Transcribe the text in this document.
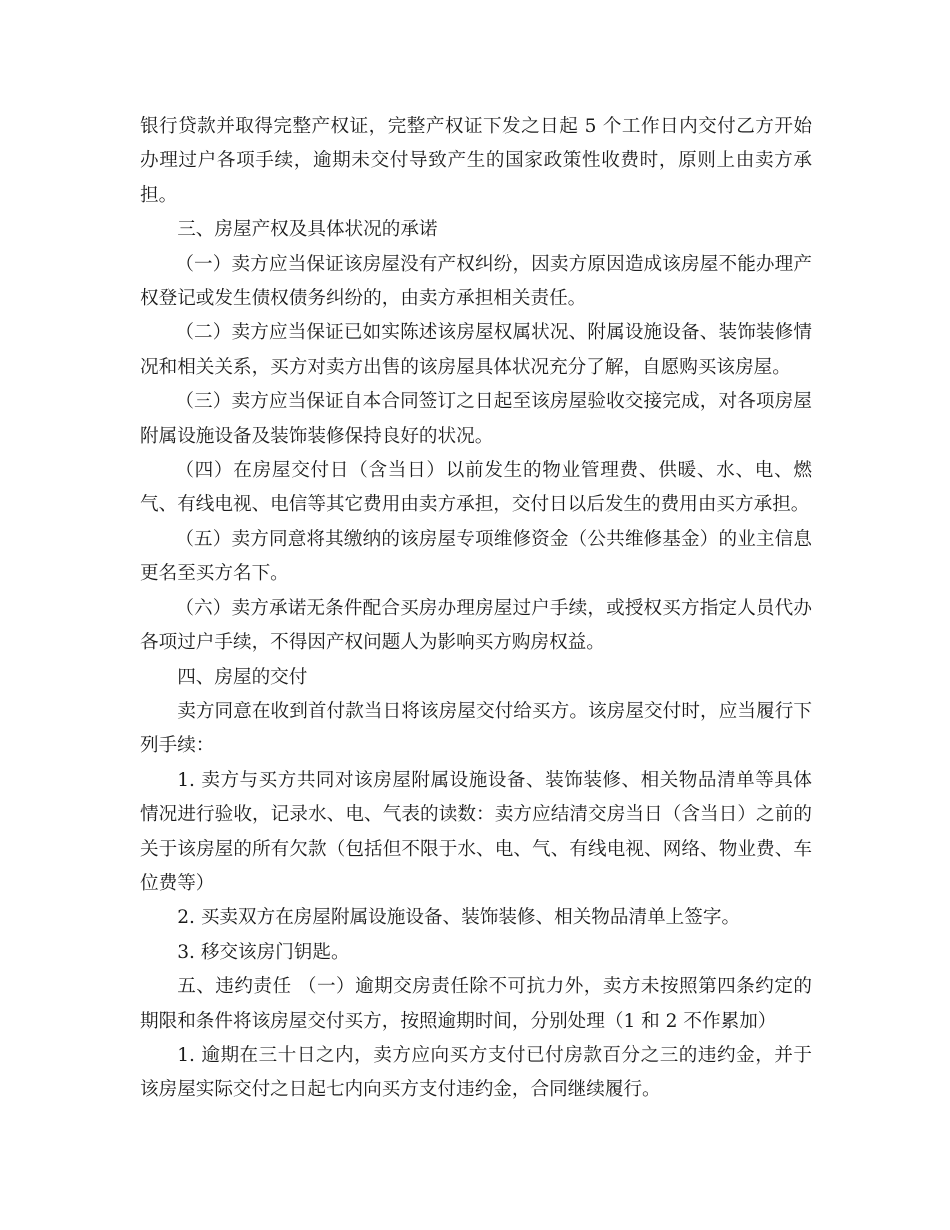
银行贷款并取得完整产权证，完整产权证下发之日起 5 个工作日内交付乙方开始办理过户各项手续，逾期未交付导致产生的国家政策性收费时，原则上由卖方承担。

三、房屋产权及具体状况的承诺

（一）卖方应当保证该房屋没有产权纠纷，因卖方原因造成该房屋不能办理产权登记或发生债权债务纠纷的，由卖方承担相关责任。

（二）卖方应当保证已如实陈述该房屋权属状况、附属设施设备、装饰装修情况和相关关系，买方对卖方出售的该房屋具体状况充分了解，自愿购买该房屋。

（三）卖方应当保证自本合同签订之日起至该房屋验收交接完成，对各项房屋附属设施设备及装饰装修保持良好的状况。

（四）在房屋交付日（含当日）以前发生的物业管理费、供暖、水、电、燃气、有线电视、电信等其它费用由卖方承担，交付日以后发生的费用由买方承担。

（五）卖方同意将其缴纳的该房屋专项维修资金（公共维修基金）的业主信息更名至买方名下。

（六）卖方承诺无条件配合买房办理房屋过户手续，或授权买方指定人员代办各项过户手续，不得因产权问题人为影响买方购房权益。

四、房屋的交付

卖方同意在收到首付款当日将该房屋交付给买方。该房屋交付时，应当履行下列手续：

1. 卖方与买方共同对该房屋附属设施设备、装饰装修、相关物品清单等具体情况进行验收，记录水、电、气表的读数：卖方应结清交房当日（含当日）之前的关于该房屋的所有欠款（包括但不限于水、电、气、有线电视、网络、物业费、车位费等）

2. 买卖双方在房屋附属设施设备、装饰装修、相关物品清单上签字。

3. 移交该房门钥匙。

五、违约责任 （一）逾期交房责任除不可抗力外，卖方未按照第四条约定的期限和条件将该房屋交付买方，按照逾期时间，分别处理（1 和 2 不作累加）

1. 逾期在三十日之内，卖方应向买方支付已付房款百分之三的违约金，并于该房屋实际交付之日起七内向买方支付违约金，合同继续履行。
